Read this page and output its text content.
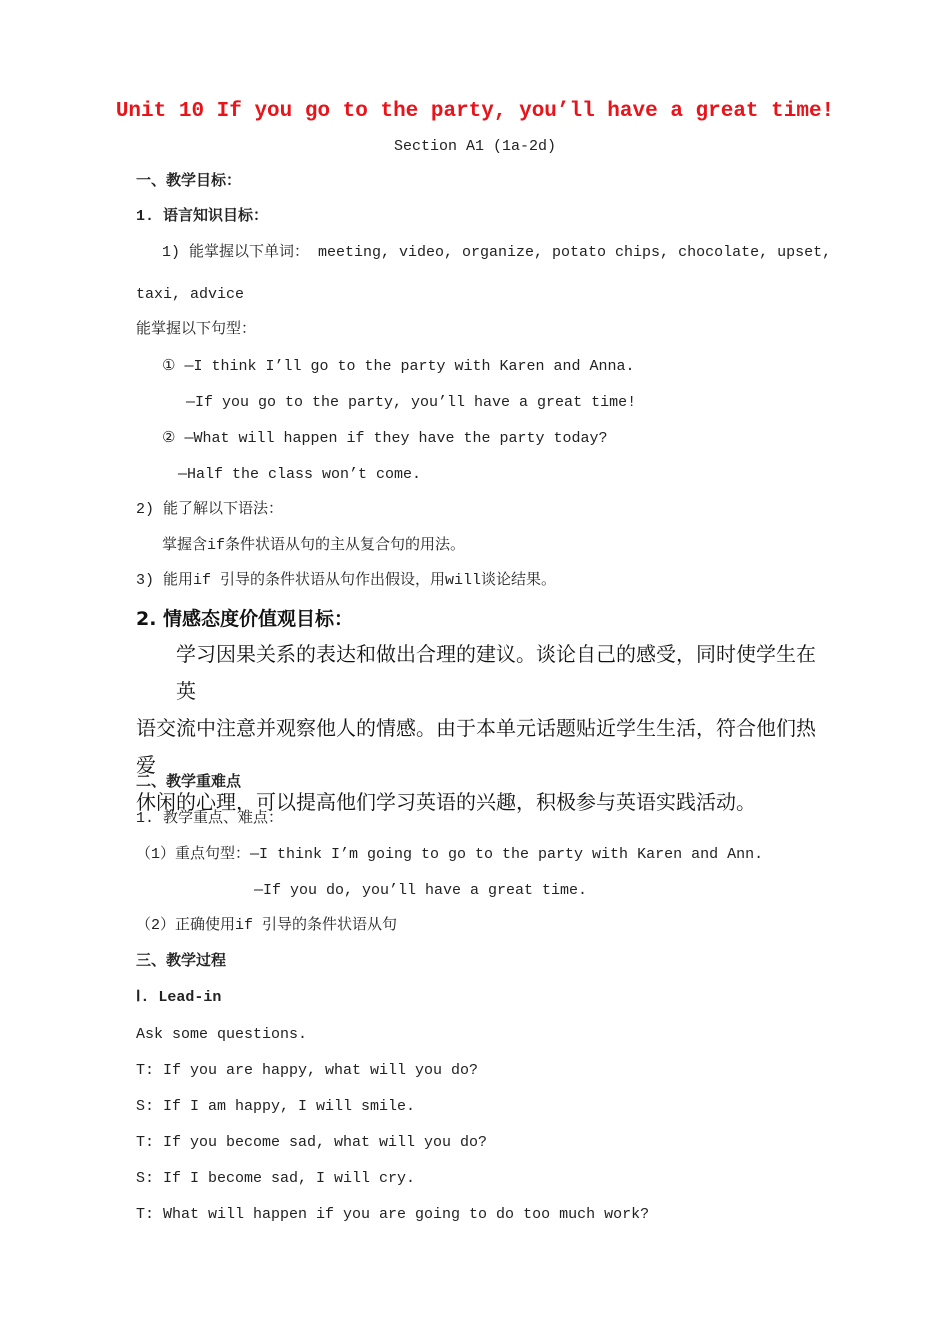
Unit 10 If you go to the party, you’ll have a great time!
Section A1 (1a-2d)
一、教学目标：
1. 语言知识目标：
1) 能掌握以下单词： meeting, video, organize, potato chips, chocolate, upset,
taxi, advice
能掌握以下句型：
① —I think I’ll go to the party with Karen and Anna.
—If you go to the party, you’ll have a great time!
② —What will happen if they have the party today?
—Half the class won’t come.
2) 能了解以下语法：
掌握含if条件状语从句的主从复合句的用法。
3) 能用if 引导的条件状语从句作出假设，用will谈论结果。
2. 情感态度价值观目标：

学习因果关系的表达和做出合理的建议。谈论自己的感受，同时使学生在英

语交流中注意并观察他人的情感。由于本单元话题贴近学生生活，符合他们热爱

休闲的心理，可以提高他们学习英语的兴趣，积极参与英语实践活动。

二、教学重难点
1. 教学重点、难点：
（1）重点句型：—I think I’m going to go to the party with Karen and Ann.
—If you do, you’ll have a great time.
（2）正确使用if 引导的条件状语从句
三、教学过程
Ⅰ. Lead-in
Ask some questions.
T: If you are happy, what will you do?
S: If I am happy, I will smile.
T: If you become sad, what will you do?
S: If I become sad, I will cry.
T: What will happen if you are going to do too much work?
